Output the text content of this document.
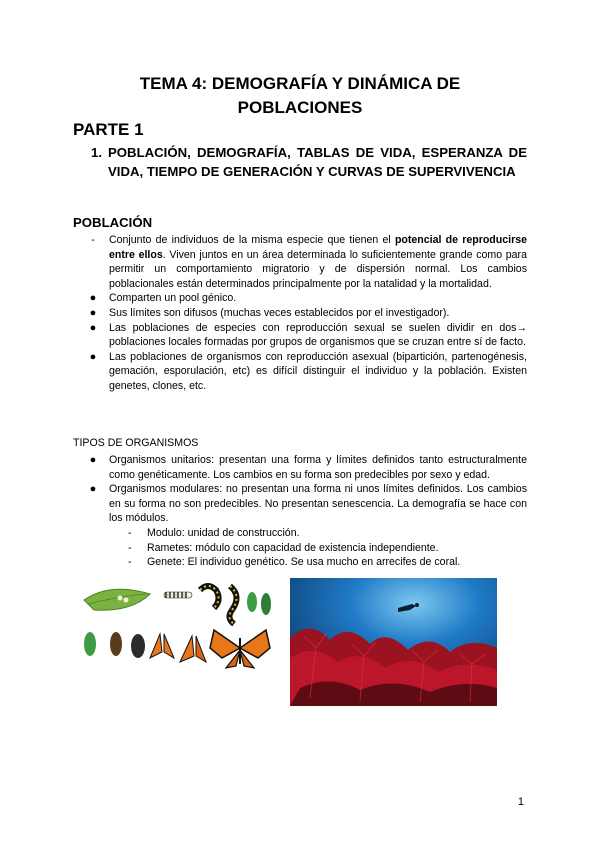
TEMA 4: DEMOGRAFÍA Y DINÁMICA DE
POBLACIONES
PARTE 1
1. POBLACIÓN, DEMOGRAFÍA, TABLAS DE VIDA, ESPERANZA DE VIDA, TIEMPO DE GENERACIÓN Y CURVAS DE SUPERVIVENCIA
POBLACIÓN
-	Conjunto de individuos de la misma especie que tienen el potencial de reproducirse entre ellos. Viven juntos en un área determinada lo suficientemente grande como para permitir un comportamiento migratorio y de dispersión normal. Los cambios poblacionales están determinados principalmente por la natalidad y la mortalidad.
● Comparten un pool génico.
● Sus límites son difusos (muchas veces establecidos por el investigador).
● Las poblaciones de especies con reproducción sexual se suelen dividir en dos→ poblaciones locales formadas por grupos de organismos que se cruzan entre sí de facto.
● Las poblaciones de organismos con reproducción asexual (bipartición, partenogénesis, gemación, esporulación, etc) es difícil distinguir el individuo y la población. Existen genetes, clones, etc.
TIPOS DE ORGANISMOS
● Organismos unitarios: presentan una forma y límites definidos tanto estructuralmente como genéticamente. Los cambios en su forma son predecibles por sexo y edad.
● Organismos modulares: no presentan una forma ni unos límites definidos. Los cambios en su forma no son predecibles. No presentan senescencia. La demografía se hace con los módulos.
- Modulo: unidad de construcción.
- Rametes: módulo con capacidad de existencia independiente.
- Genete: El individuo genético. Se usa mucho en arrecifes de coral.
1
